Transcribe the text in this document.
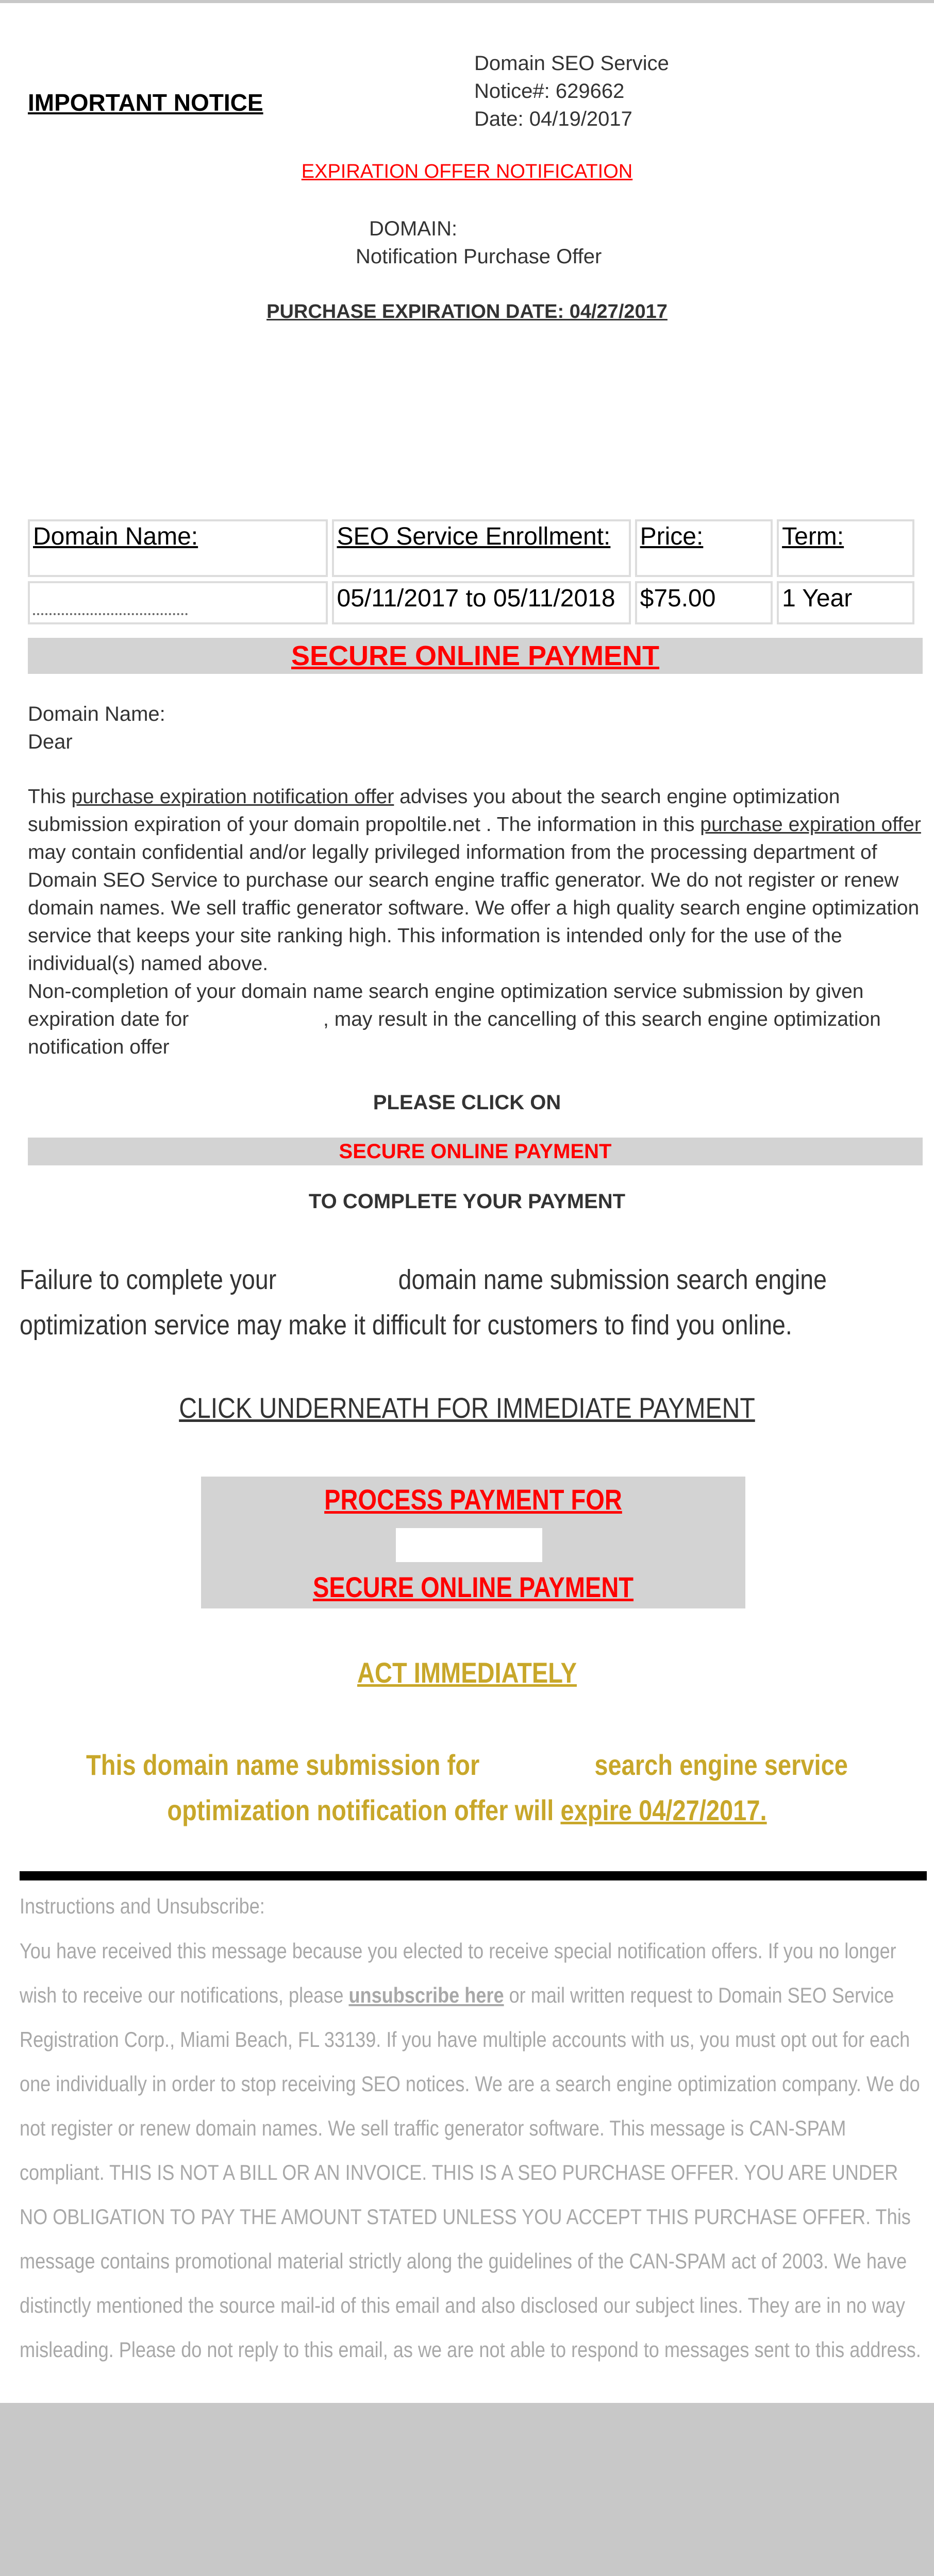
IMPORTANT NOTICE
Domain SEO Service
Notice#: 629662
Date: 04/19/2017
EXPIRATION OFFER NOTIFICATION
DOMAIN:
Notification Purchase Offer
PURCHASE EXPIRATION DATE: 04/27/2017
Domain Name:	SEO Service Enrollment:	Price:	Term:
	05/11/2017 to 05/11/2018	$75.00	1 Year
SECURE ONLINE PAYMENT
Domain Name:
Dear
This purchase expiration notification offer advises you about the search engine optimization submission expiration of your domain propoltile.net . The information in this purchase expiration offer may contain confidential and/or legally privileged information from the processing department of Domain SEO Service to purchase our search engine traffic generator. We do not register or renew domain names. We sell traffic generator software. We offer a high quality search engine optimization service that keeps your site ranking high. This information is intended only for the use of the individual(s) named above.
Non-completion of your domain name search engine optimization service submission by given expiration date for	, may result in the cancelling of this search engine optimization notification offer
PLEASE CLICK ON
SECURE ONLINE PAYMENT
TO COMPLETE YOUR PAYMENT
Failure to complete your	domain name submission search engine optimization service may make it difficult for customers to find you online.
CLICK UNDERNEATH FOR IMMEDIATE PAYMENT
PROCESS PAYMENT FOR
SECURE ONLINE PAYMENT
ACT IMMEDIATELY
This domain name submission for	search engine service optimization notification offer will expire 04/27/2017.
Instructions and Unsubscribe:
You have received this message because you elected to receive special notification offers. If you no longer wish to receive our notifications, please unsubscribe here or mail written request to Domain SEO Service Registration Corp., Miami Beach, FL 33139. If you have multiple accounts with us, you must opt out for each one individually in order to stop receiving SEO notices. We are a search engine optimization company. We do not register or renew domain names. We sell traffic generator software. This message is CAN-SPAM compliant. THIS IS NOT A BILL OR AN INVOICE. THIS IS A SEO PURCHASE OFFER. YOU ARE UNDER NO OBLIGATION TO PAY THE AMOUNT STATED UNLESS YOU ACCEPT THIS PURCHASE OFFER. This message contains promotional material strictly along the guidelines of the CAN-SPAM act of 2003. We have distinctly mentioned the source mail-id of this email and also disclosed our subject lines. They are in no way misleading. Please do not reply to this email, as we are not able to respond to messages sent to this address.
